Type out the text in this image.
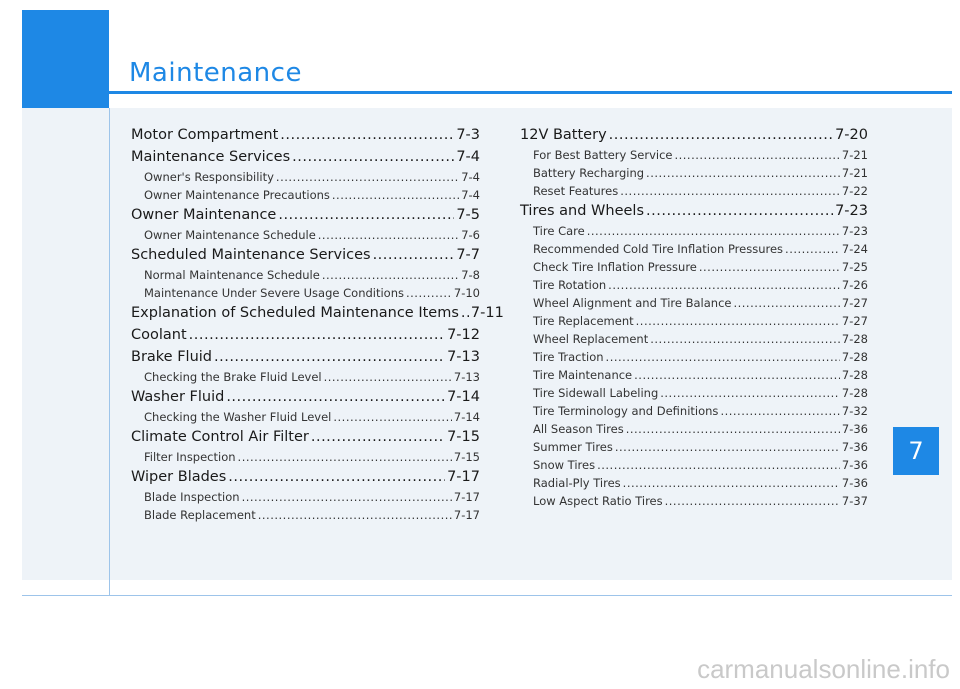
Maintenance
Motor Compartment .....	7-3
Maintenance Services .....	7-4
Owner's Responsibility .....	7-4
Owner Maintenance Precautions .....	7-4
Owner Maintenance .....	7-5
Owner Maintenance Schedule .....	7-6
Scheduled Maintenance Services .....	7-7
Normal Maintenance Schedule .....	7-8
Maintenance Under Severe Usage Conditions .....	7-10
Explanation of Scheduled Maintenance Items ..... 7-11
Coolant .....	7-12
Brake Fluid .....	7-13
Checking the Brake Fluid Level .....	7-13
Washer Fluid .....	7-14
Checking the Washer Fluid Level .....	7-14
Climate Control Air Filter .....	7-15
Filter Inspection .....	7-15
Wiper Blades .....	7-17
Blade Inspection .....	7-17
Blade Replacement .....	7-17
12V Battery .....	7-20
For Best Battery Service .....	7-21
Battery Recharging .....	7-21
Reset Features .....	7-22
Tires and Wheels .....	7-23
Tire Care .....	7-23
Recommended Cold Tire Inflation Pressures .....	7-24
Check Tire Inflation Pressure .....	7-25
Tire Rotation .....	7-26
Wheel Alignment and Tire Balance .....	7-27
Tire Replacement .....	7-27
Wheel Replacement .....	7-28
Tire Traction .....	7-28
Tire Maintenance .....	7-28
Tire Sidewall Labeling .....	7-28
Tire Terminology and Definitions .....	7-32
All Season Tires .....	7-36
Summer Tires .....	7-36
Snow Tires .....	7-36
Radial-Ply Tires .....	7-36
Low Aspect Ratio Tires .....	7-37
7
carmanualsonline.info
